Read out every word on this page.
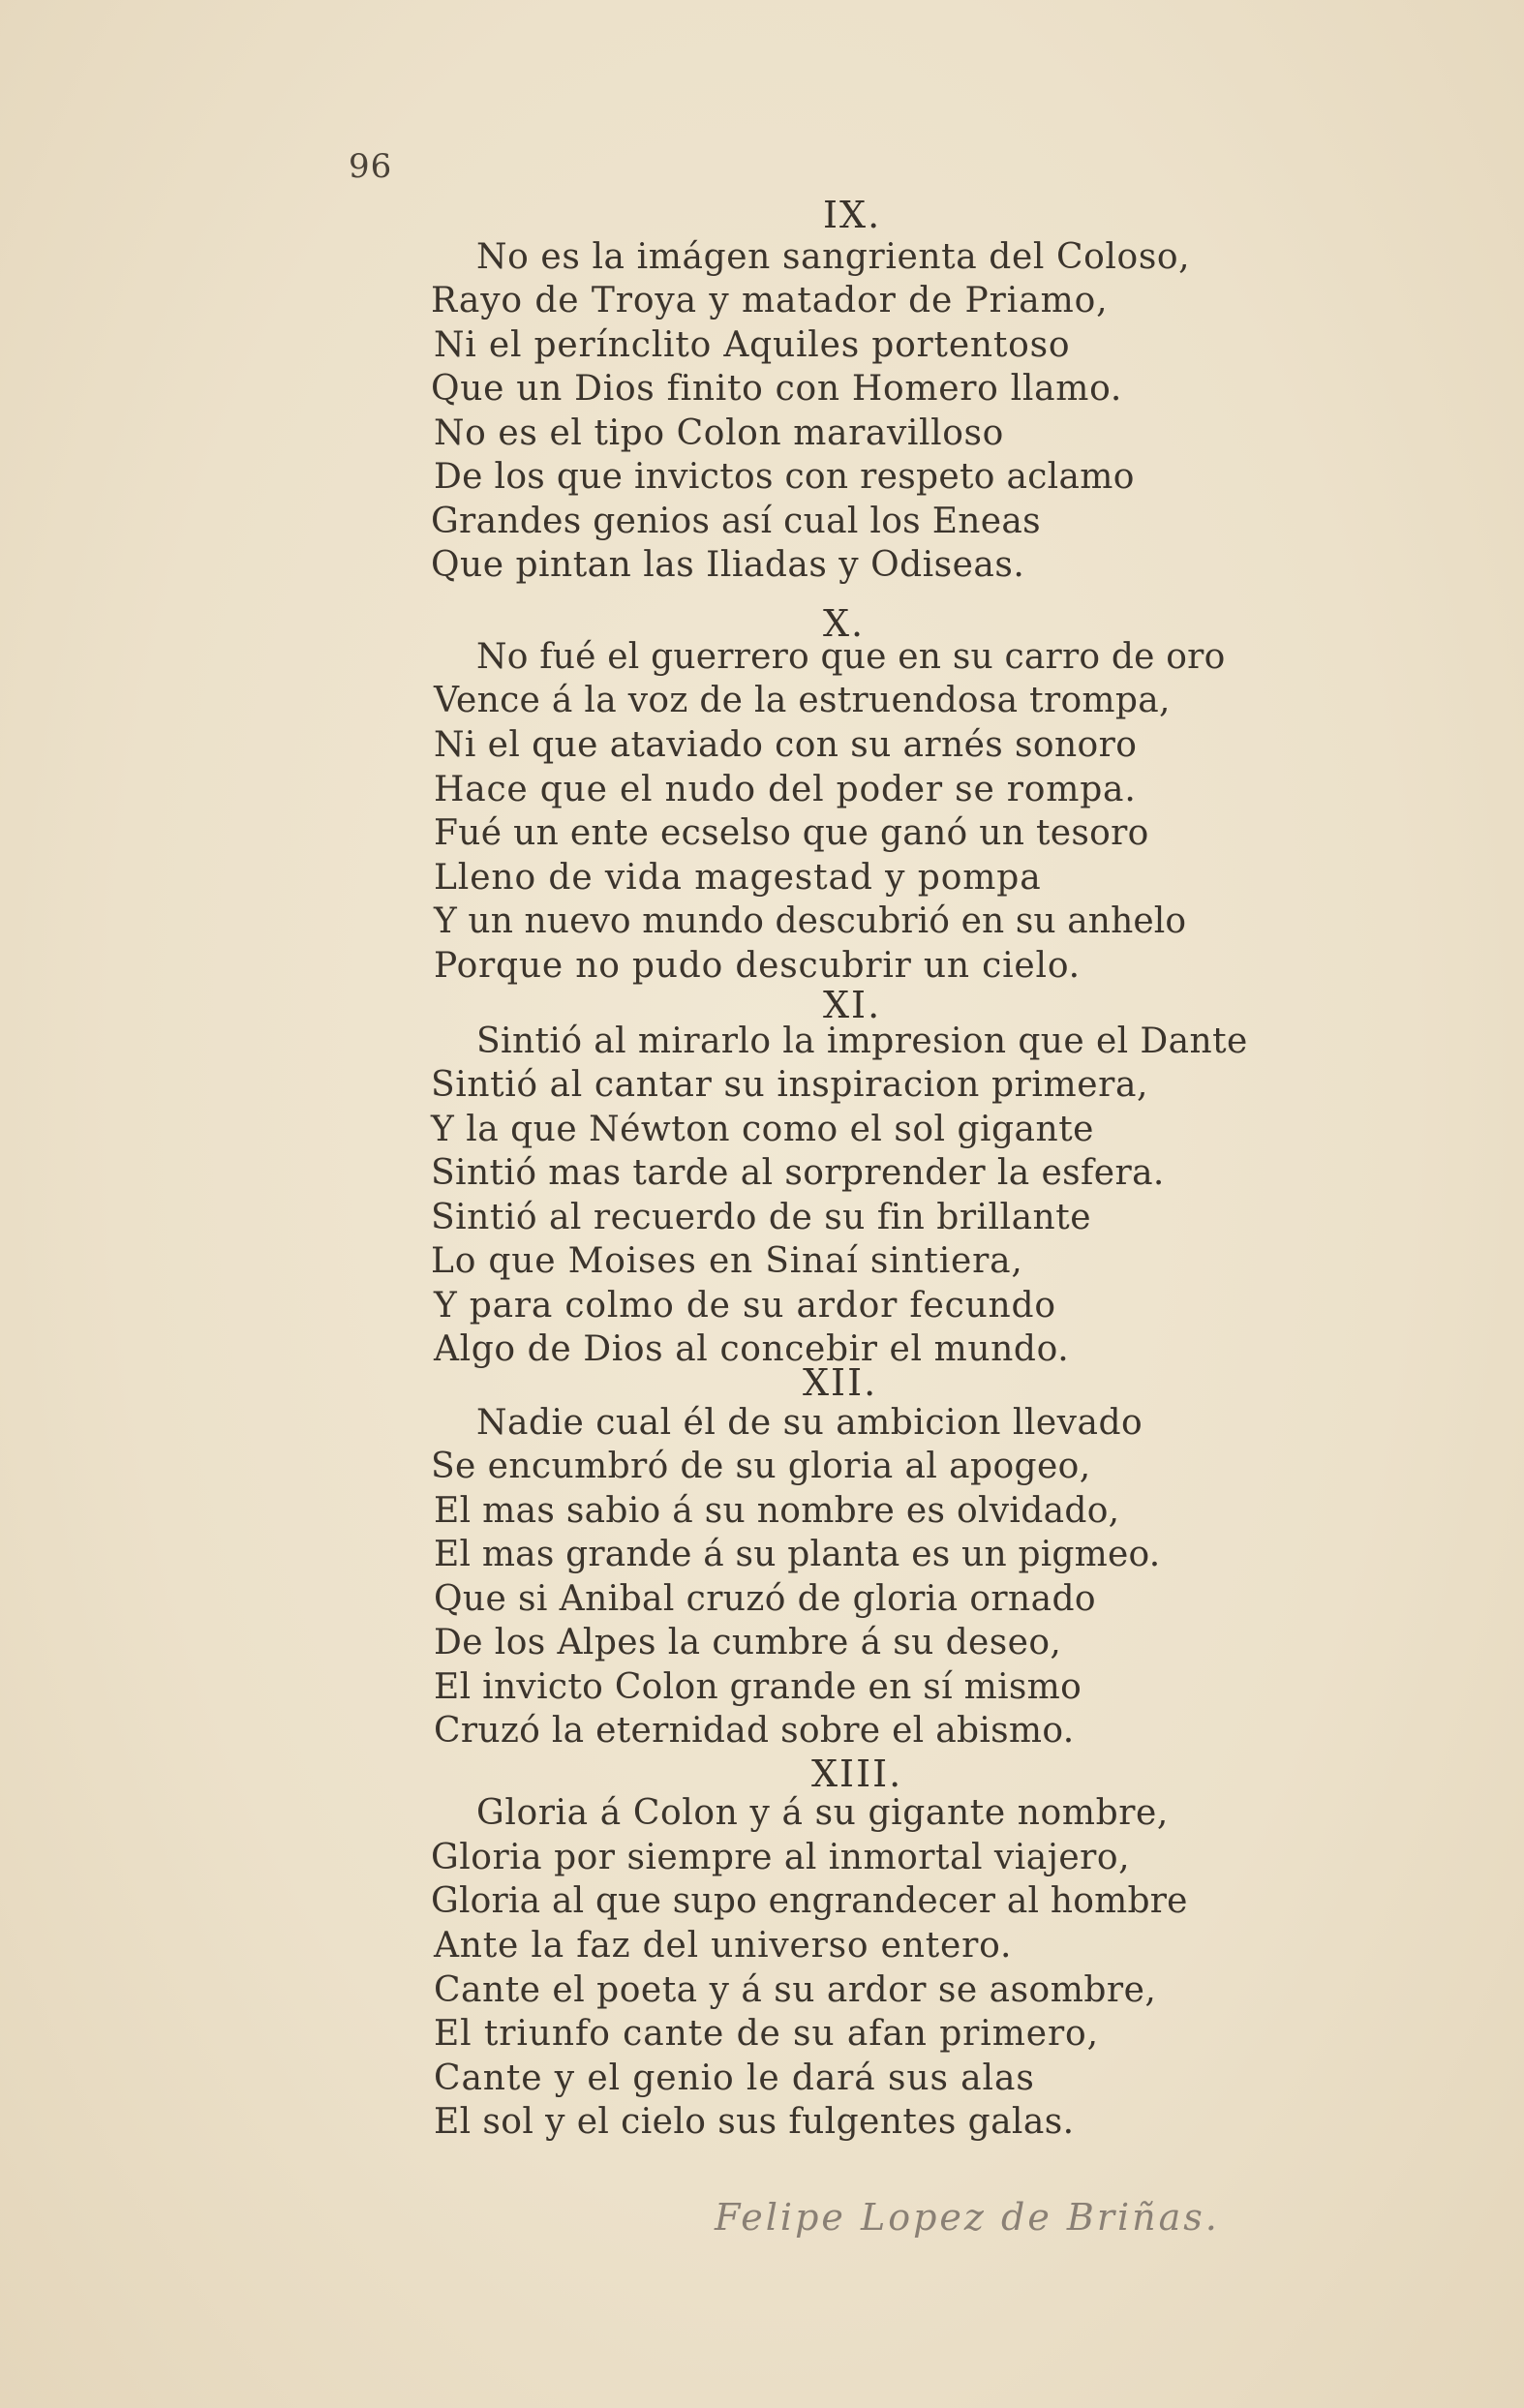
96
IX.
No es la imágen sangrienta del Coloso,
Rayo de Troya y matador de Priamo,
Ni el perínclito Aquiles portentoso
Que un Dios finito con Homero llamo.
No es el tipo Colon maravilloso
De los que invictos con respeto aclamo
Grandes genios así cual los Eneas
Que pintan las Iliadas y Odiseas.
X.
No fué el guerrero que en su carro de oro
Vence á la voz de la estruendosa trompa,
Ni el que ataviado con su arnés sonoro
Hace que el nudo del poder se rompa.
Fué un ente ecselso que ganó un tesoro
Lleno de vida magestad y pompa
Y un nuevo mundo descubrió en su anhelo
Porque no pudo descubrir un cielo.
XI.
Sintió al mirarlo la impresion que el Dante
Sintió al cantar su inspiracion primera,
Y la que Néwton como el sol gigante
Sintió mas tarde al sorprender la esfera.
Sintió al recuerdo de su fin brillante
Lo que Moises en Sinaí sintiera,
Y para colmo de su ardor fecundo
Algo de Dios al concebir el mundo.
XII.
Nadie cual él de su ambicion llevado
Se encumbró de su gloria al apogeo,
El mas sabio á su nombre es olvidado,
El mas grande á su planta es un pigmeo.
Que si Anibal cruzó de gloria ornado
De los Alpes la cumbre á su deseo,
El invicto Colon grande en sí mismo
Cruzó la eternidad sobre el abismo.
XIII.
Gloria á Colon y á su gigante nombre,
Gloria por siempre al inmortal viajero,
Gloria al que supo engrandecer al hombre
Ante la faz del universo entero.
Cante el poeta y á su ardor se asombre,
El triunfo cante de su afan primero,
Cante y el genio le dará sus alas
El sol y el cielo sus fulgentes galas.
Felipe Lopez de Briñas.
